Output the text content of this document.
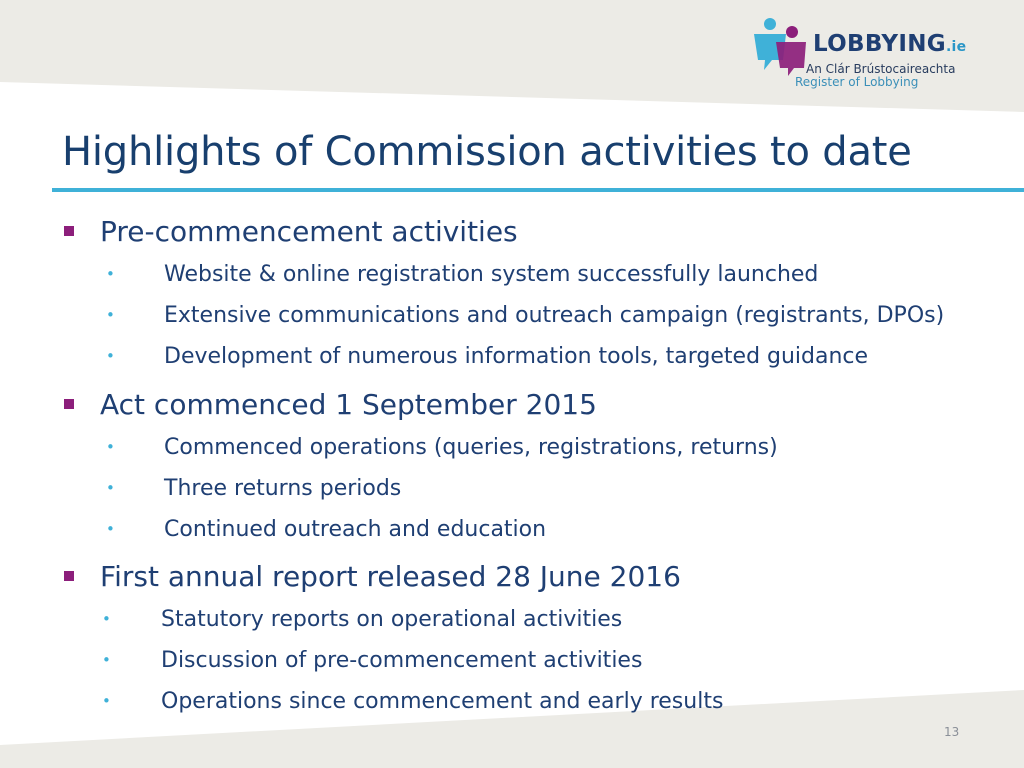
LOBBYING.ie
An Clár Brústocaireachta
Register of Lobbying
Highlights of Commission activities to date
Pre-commencement activities
• Website & online registration system successfully launched
• Extensive communications and outreach campaign (registrants, DPOs)
• Development of numerous information tools, targeted guidance
Act commenced 1 September 2015
• Commenced operations (queries, registrations, returns)
• Three returns periods
• Continued outreach and education
First annual report released 28 June 2016
• Statutory reports on operational activities
• Discussion of pre-commencement activities
• Operations since commencement and early results
13
